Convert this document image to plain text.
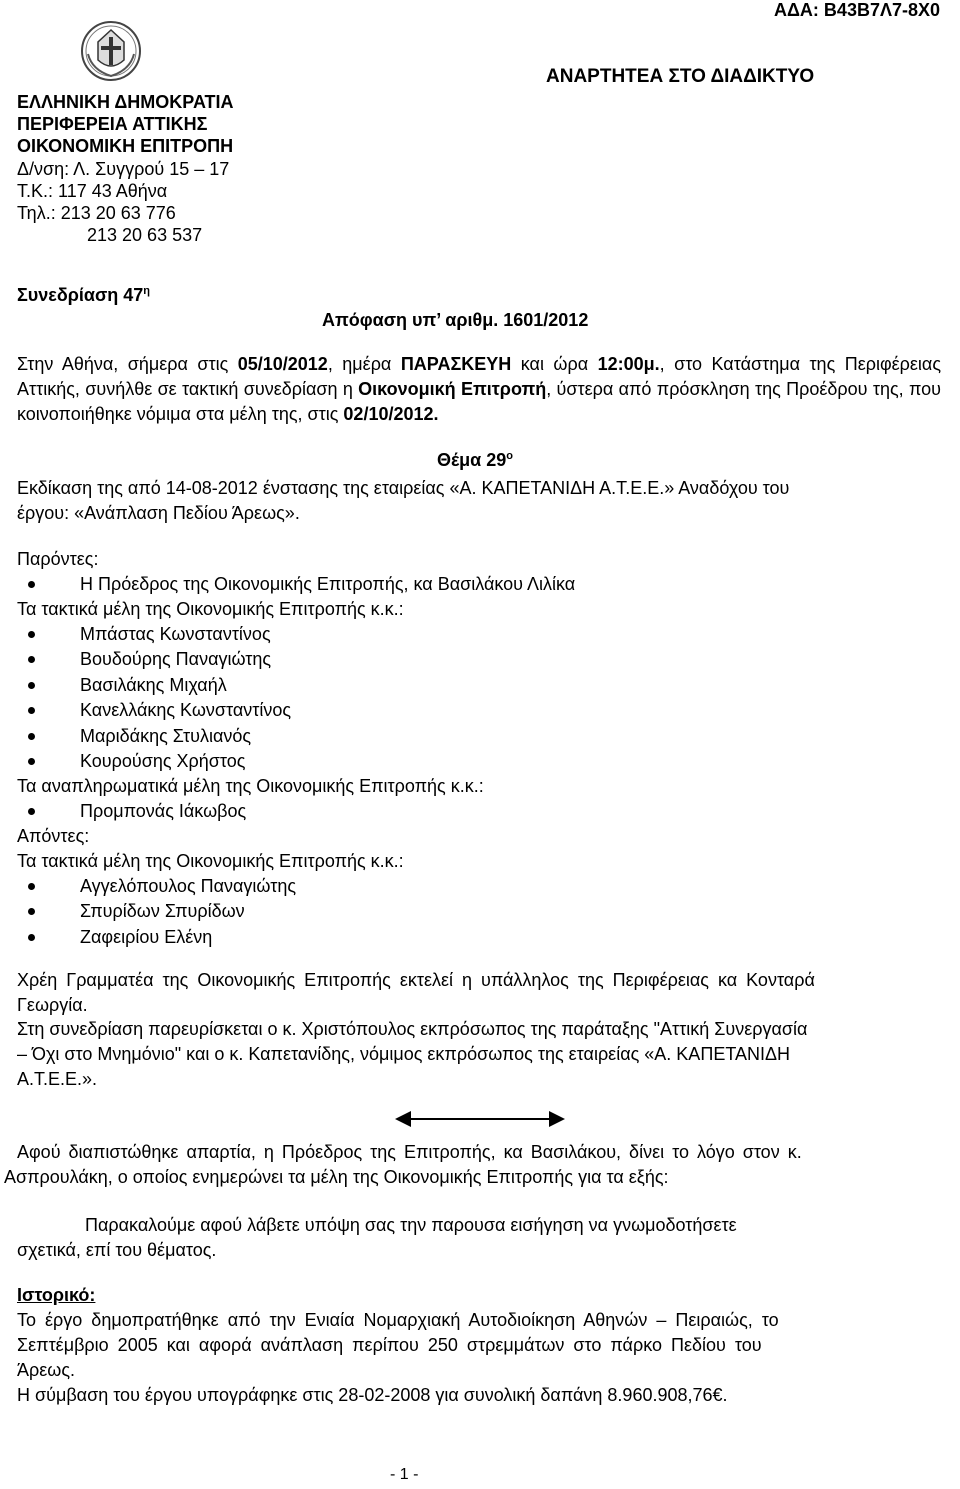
ΑΔΑ: Β43Β7Λ7-8Χ0
ΕΛΛΗΝΙΚΗ ΔΗΜΟΚΡΑΤΙΑ
ΠΕΡΙΦΕΡΕΙΑ ΑΤΤΙΚΗΣ
ΟΙΚΟΝΟΜΙΚΗ ΕΠΙΤΡΟΠΗ
Δ/νση: Λ. Συγγρού 15 – 17
Τ.Κ.: 117 43 Αθήνα
Τηλ.: 213 20 63 776
213 20 63 537
ΑΝΑΡΤΗΤΕΑ ΣΤΟ ΔΙΑΔΙΚΤΥΟ
Συνεδρίαση $47^\eta$
Απόφαση υπ’ αριθμ. 1601/2012
Στην Αθήνα, σήμερα στις 05/10/2012, ημέρα ΠΑΡΑΣΚΕΥΗ και ώρα 12:00μ., στο Κατάστημα της Περιφέρειας Αττικής, συνήλθε σε τακτική συνεδρίαση η Οικονομική Επιτροπή, ύστερα από πρόσκληση της Προέδρου της, που κοινοποιήθηκε νόμιμα στα μέλη της, στις 02/10/2012.
Θέμα $29^o$
Εκδίκαση της από 14-08-2012 ένστασης της εταιρείας «Α. ΚΑΠΕΤΑΝΙΔΗ Α.Τ.Ε.Ε.» Αναδόχου του
έργου: «Ανάπλαση Πεδίου Άρεως».
Παρόντες:
Η Πρόεδρος της Οικονομικής Επιτροπής, κα Βασιλάκου Λιλίκα
Τα τακτικά μέλη της Οικονομικής Επιτροπής κ.κ.:
Μπάστας Κωνσταντίνος
Βουδούρης Παναγιώτης
Βασιλάκης Μιχαήλ
Κανελλάκης Κωνσταντίνος
Μαριδάκης Στυλιανός
Κουρούσης Χρήστος
Τα αναπληρωματικά μέλη της Οικονομικής Επιτροπής κ.κ.:
Προμπονάς Ιάκωβος
Απόντες:
Τα τακτικά μέλη της Οικονομικής Επιτροπής κ.κ.:
Αγγελόπουλος Παναγιώτης
Σπυρίδων Σπυρίδων
Ζαφειρίου Ελένη
Χρέη Γραμματέα της Οικονομικής Επιτροπής εκτελεί η υπάλληλος της Περιφέρειας κα Κονταρά
Γεωργία.
Στη συνεδρίαση παρευρίσκεται ο κ. Χριστόπουλος εκπρόσωπος της παράταξης "Αττική Συνεργασία
– Όχι στο Μνημόνιο" και ο κ. Καπετανίδης, νόμιμος εκπρόσωπος της εταιρείας «Α. ΚΑΠΕΤΑΝΙΔΗ
Α.Τ.Ε.Ε.».
Αφού διαπιστώθηκε απαρτία, η Πρόεδρος της Επιτροπής, κα Βασιλάκου, δίνει το λόγο στον κ.
Ασπρουλάκη, ο οποίος ενημερώνει τα μέλη της Οικονομικής Επιτροπής για τα εξής:
Παρακαλούμε αφού λάβετε υπόψη σας την παρουσα εισήγηση να γνωμοδοτήσετε
σχετικά, επί του θέματος.
Ιστορικό:
Το έργο δημοπρατήθηκε από την Ενιαία Νομαρχιακή Αυτοδιοίκηση Αθηνών – Πειραιώς, το
Σεπτέμβριο 2005 και αφορά ανάπλαση περίπου 250 στρεμμάτων στο πάρκο Πεδίου του
Άρεως.
Η σύμβαση του έργου υπογράφηκε στις 28-02-2008 για συνολική δαπάνη 8.960.908,76€.
- 1 -
